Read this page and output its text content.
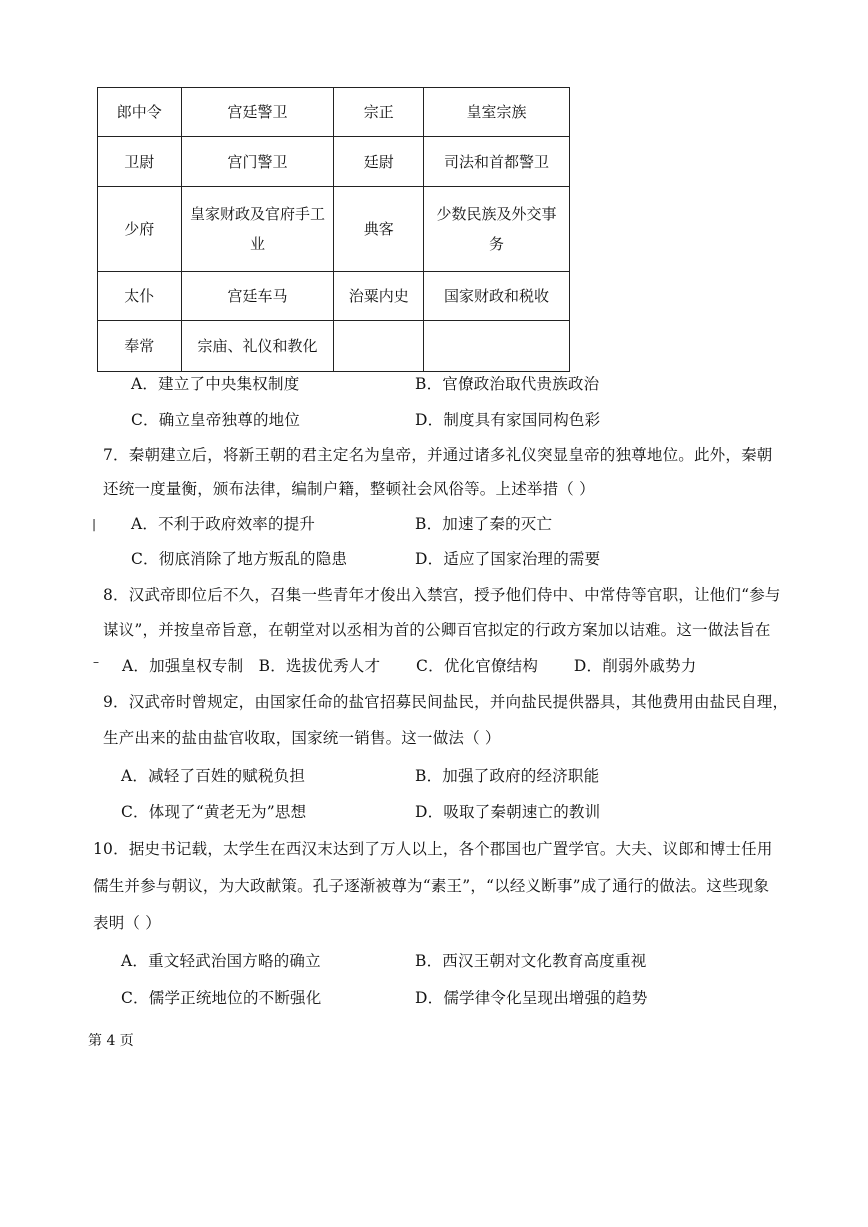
郎中令	宫廷警卫	宗正	皇室宗族
卫尉	宫门警卫	廷尉	司法和首都警卫
少府	皇家财政及官府手工业	典客	少数民族及外交事务
太仆	宫廷车马	治粟内史	国家财政和税收
奉常	宗庙、礼仪和教化		
A．建立了中央集权制度	B．官僚政治取代贵族政治
C．确立皇帝独尊的地位	D．制度具有家国同构色彩
7．秦朝建立后，将新王朝的君主定名为皇帝，并通过诸多礼仪突显皇帝的独尊地位。此外，秦朝
还统一度量衡，颁布法律，编制户籍，整顿社会风俗等。上述举措（ ）
| A．不利于政府效率的提升	B．加速了秦的灭亡
C．彻底消除了地方叛乱的隐患	D．适应了国家治理的需要
8．汉武帝即位后不久，召集一些青年才俊出入禁宫，授予他们侍中、中常侍等官职，让他们“参与
谋议”，并按皇帝旨意，在朝堂对以丞相为首的公卿百官拟定的行政方案加以诘难。这一做法旨在
– A．加强皇权专制   B．选拔优秀人才       C．优化官僚结构       D．削弱外戚势力
9．汉武帝时曾规定，由国家任命的盐官招募民间盐民，并向盐民提供器具，其他费用由盐民自理，
生产出来的盐由盐官收取，国家统一销售。这一做法（ ）
A．减轻了百姓的赋税负担	B．加强了政府的经济职能
C．体现了“黄老无为”思想	D．吸取了秦朝速亡的教训
10．据史书记载，太学生在西汉末达到了万人以上，各个郡国也广置学官。大夫、议郎和博士任用
儒生并参与朝议，为大政献策。孔子逐渐被尊为“素王”，“以经义断事”成了通行的做法。这些现象
表明（ ）
A．重文轻武治国方略的确立	B．西汉王朝对文化教育高度重视
C．儒学正统地位的不断强化	D．儒学律令化呈现出增强的趋势
第 4 页
